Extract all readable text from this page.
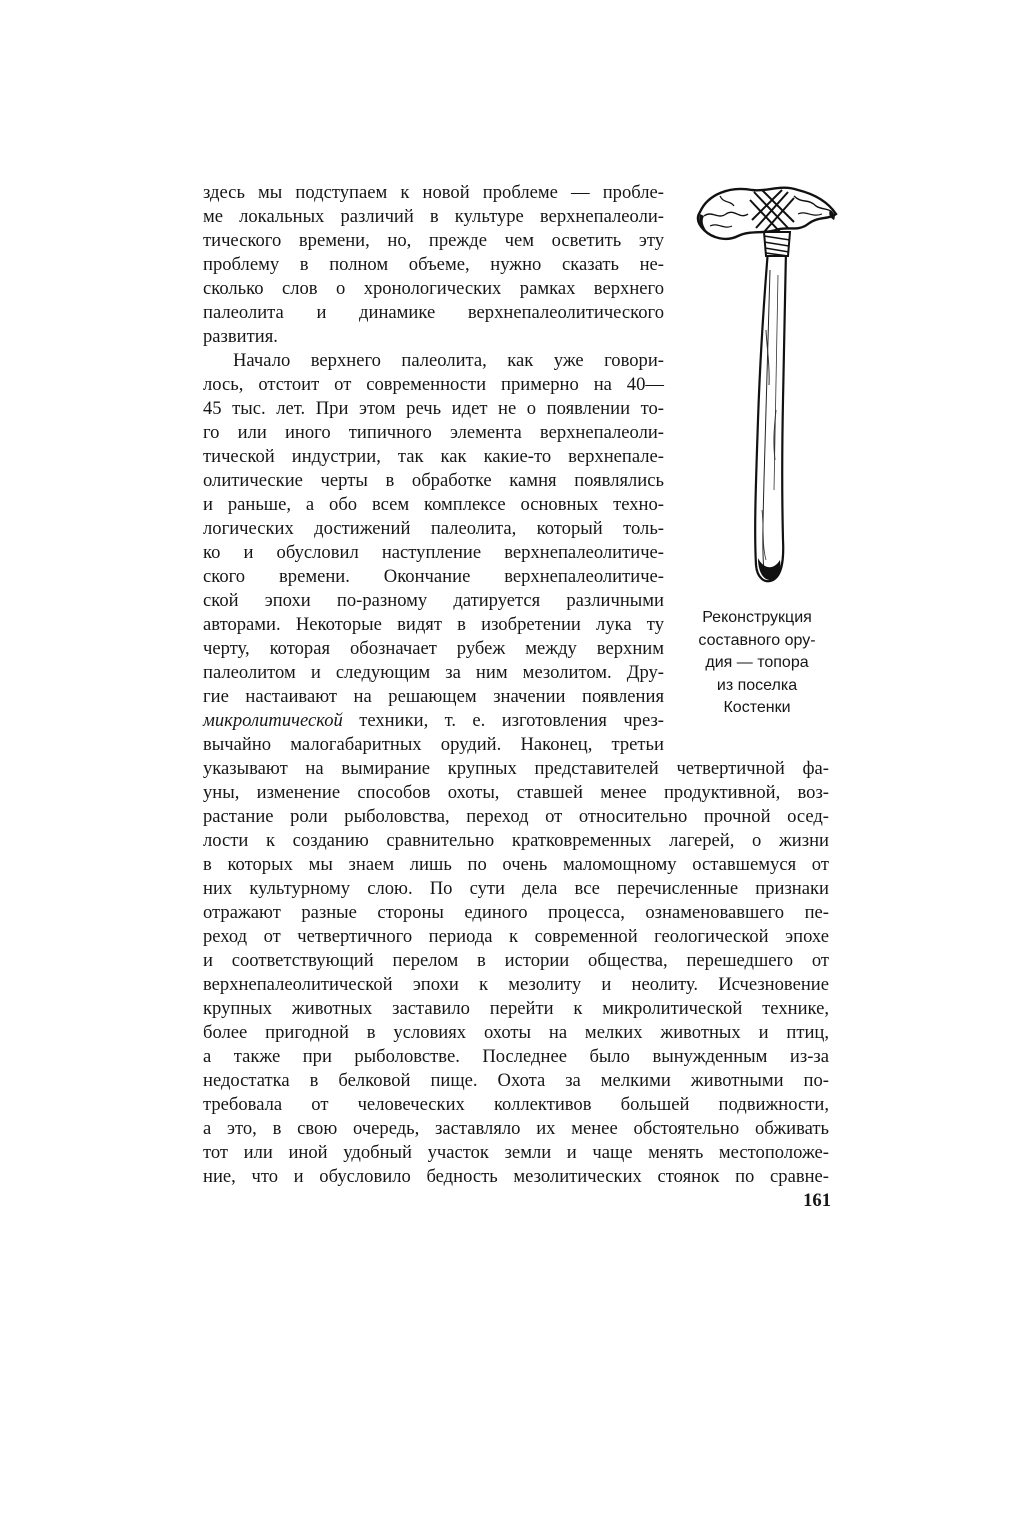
здесь мы подступаем к новой проблеме — пробле-
ме локальных различий в культуре верхнепалеоли-
тического времени, но, прежде чем осветить эту
проблему в полном объеме, нужно сказать не-
сколько слов о хронологических рамках верхнего
палеолита и динамике верхнепалеолитического
развития.
Начало верхнего палеолита, как уже говори-
лось, отстоит от современности примерно на 40—
45 тыс. лет. При этом речь идет не о появлении то-
го или иного типичного элемента верхнепалеоли-
тической индустрии, так как какие-то верхнепале-
олитические черты в обработке камня появлялись
и раньше, а обо всем комплексе основных техно-
логических достижений палеолита, который толь-
ко и обусловил наступление верхнепалеолитиче-
ского времени. Окончание верхнепалеолитиче-
ской эпохи по-разному датируется различными
авторами. Некоторые видят в изобретении лука ту
черту, которая обозначает рубеж между верхним
палеолитом и следующим за ним мезолитом. Дру-
гие настаивают на решающем значении появления
микролитической техники, т. е. изготовления чрез-
вычайно малогабаритных орудий. Наконец, третьи
указывают на вымирание крупных представителей четвертичной фа-
уны, изменение способов охоты, ставшей менее продуктивной, воз-
растание роли рыболовства, переход от относительно прочной осед-
лости к созданию сравнительно кратковременных лагерей, о жизни
в которых мы знаем лишь по очень маломощному оставшемуся от
них культурному слою. По сути дела все перечисленные признаки
отражают разные стороны единого процесса, ознаменовавшего пе-
реход от четвертичного периода к современной геологической эпохе
и соответствующий перелом в истории общества, перешедшего от
верхнепалеолитической эпохи к мезолиту и неолиту. Исчезновение
крупных животных заставило перейти к микролитической технике,
более пригодной в условиях охоты на мелких животных и птиц,
а также при рыболовстве. Последнее было вынужденным из-за
недостатка в белковой пище. Охота за мелкими животными по-
требовала от человеческих коллективов большей подвижности,
а это, в свою очередь, заставляло их менее обстоятельно обживать
тот или иной удобный участок земли и чаще менять местоположе-
ние, что и обусловило бедность мезолитических стоянок по сравне-
Реконструкция
составного ору-
дия — топора
из поселка
Костенки
161
